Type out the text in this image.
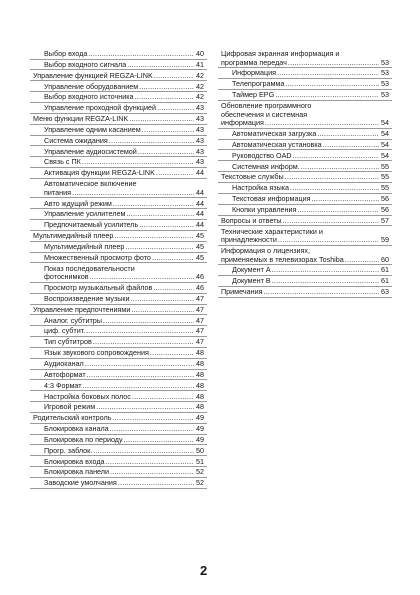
Выбор входа .....	40
Выбор входного сигнала .....	41
Управление функцией REGZA-LINK .....	42
Управление оборудованием .....	42
Выбор входного источника .....	42
Управление проходной функцией .....	43
Меню функции REGZA-LINK .....	43
Управление одним касанием .....	43
Система ожидания .....	43
Управление аудиосистемой .....	43
Связь с ПК .....	43
Активация функции REGZA-LINK .....	44
Автоматическое включение
питания .....	44
Авто ждущий режим .....	44
Управление усилителем .....	44
Предпочитаемый усилитель .....	44
Мультимедийный плеер .....	45
Мультимедийный плеер .....	45
Множественный просмотр фото .....	45
Показ последовательности
фотоснимков .....	46
Просмотр музыкальный файлов .....	46
Воспроизведение музыки .....	47
Управление предпочтениями .....	47
Аналог. субтитры .....	47
циф. субтит. .....	47
Тип субтитров .....	47
Язык звукового сопровождения .....	48
Аудиоканал .....	48
Автоформат .....	48
4:3 Формат .....	48
Настройка боковых полос .....	48
Игровой режим .....	48
Родительский контроль .....	49
Блокировка канала .....	49
Блокировка по периоду .....	49
Прогр. заблок. .....	50
Блокировка входа .....	51
Блокировка панели .....	52
Заводские умолчания .....	52
Цифровая экранная информация и
программа передач .....	53
Информация .....	53
Телепрограмма .....	53
Таймер EPG .....	53
Обновление программного
обеспечения и системная
информация .....	54
Автоматическая загрузка .....	54
Автоматическая установка .....	54
Руководство OAD .....	54
Системная информ. .....	55
Текстовые службы .....	55
Настройка языка .....	55
Текстовая информация .....	56
Кнопки управления .....	56
Вопросы и ответы .....	57
Технические характеристики и
принадлежности .....	59
Информация о лицензиях,
применяемых в телевизорах Toshiba .....	60
Документ A .....	61
Документ B .....	61
Примечания .....	63
2
